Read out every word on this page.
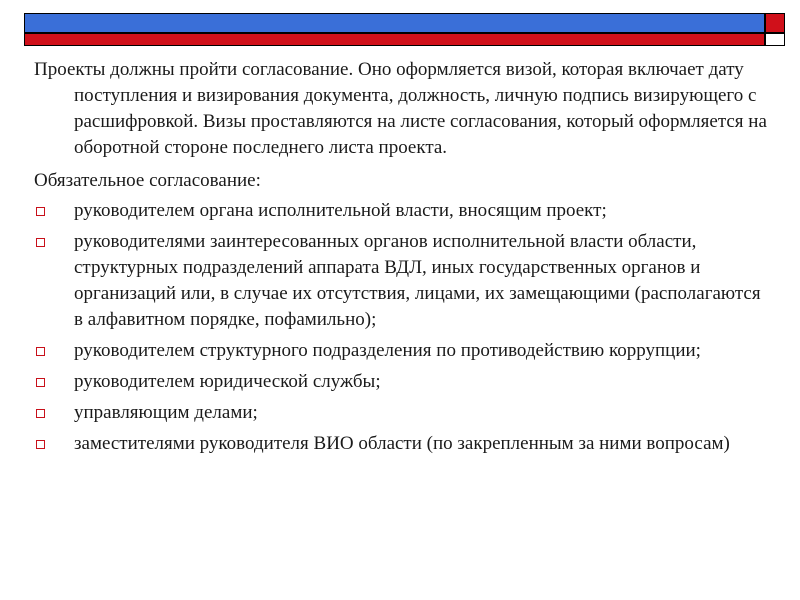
Проекты должны пройти согласование. Оно оформляется визой, которая включает дату поступления и визирования документа, должность, личную подпись визирующего с расшифровкой. Визы проставляются на листе согласования, который оформляется на оборотной стороне последнего листа проекта.

Обязательное согласование:

руководителем органа исполнительной власти, вносящим проект;
руководителями заинтересованных органов исполнительной власти области, структурных подразделений аппарата ВДЛ, иных государственных органов и организаций или, в случае их отсутствия, лицами, их замещающими (располагаются в алфавитном порядке, пофамильно);
руководителем структурного подразделения по противодействию коррупции;
руководителем юридической службы;
управляющим делами;
заместителями руководителя ВИО области (по закрепленным за ними вопросам)
